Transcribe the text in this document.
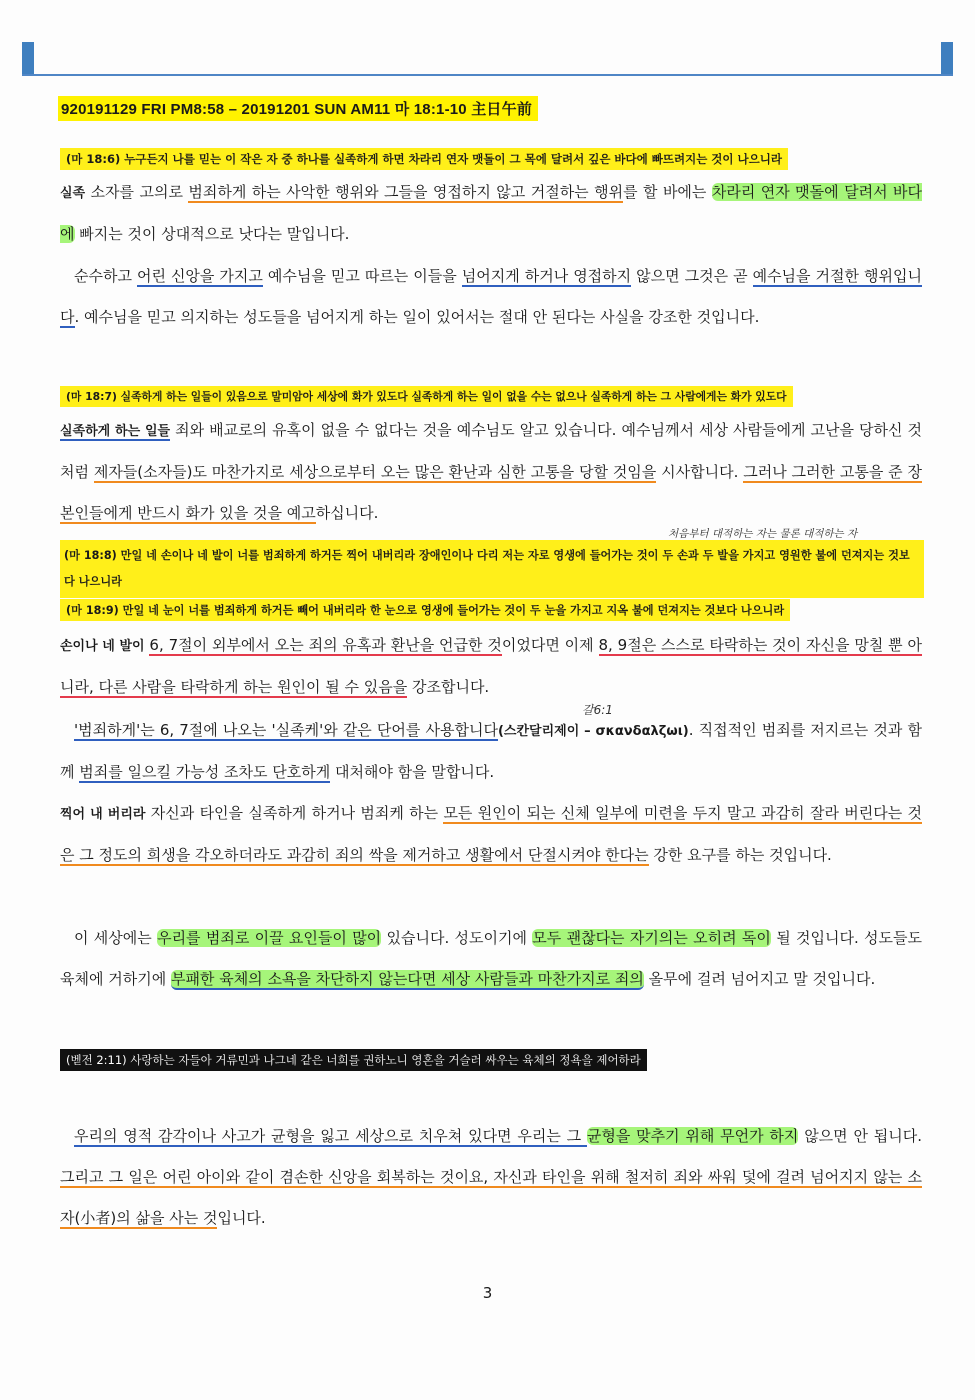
920191129 FRI PM8:58 – 20191201 SUN AM11 마 18:1-10 主日午前
(마 18:6) 누구든지 나를 믿는 이 작은 자 중 하나를 실족하게 하면 차라리 연자 맷돌이 그 목에 달려서 깊은 바다에 빠뜨려지는 것이 나으니라
실족 소자를 고의로 범죄하게 하는 사악한 행위와 그들을 영접하지 않고 거절하는 행위를 할 바에는 차라리 연자 맷돌에 달려서 바다에 빠지는 것이 상대적으로 낫다는 말입니다.
순수하고 어린 신앙을 가지고 예수님을 믿고 따르는 이들을 넘어지게 하거나 영접하지 않으면 그것은 곧 예수님을 거절한 행위입니다. 예수님을 믿고 의지하는 성도들을 넘어지게 하는 일이 있어서는 절대 안 된다는 사실을 강조한 것입니다.
(마 18:7) 실족하게 하는 일들이 있음으로 말미암아 세상에 화가 있도다 실족하게 하는 일이 없을 수는 없으나 실족하게 하는 그 사람에게는 화가 있도다
실족하게 하는 일들 죄와 배교로의 유혹이 없을 수 없다는 것을 예수님도 알고 있습니다. 예수님께서 세상 사람들에게 고난을 당하신 것처럼 제자들(소자들)도 마찬가지로 세상으로부터 오는 많은 환난과 심한 고통을 당할 것임을 시사합니다. 그러나 그러한 고통을 준 장본인들에게 반드시 화가 있을 것을 예고하십니다.
처음부터 대적하는 자는 물론 대적하는 자
(마 18:8) 만일 네 손이나 네 발이 너를 범죄하게 하거든 찍어 내버리라 장애인이나 다리 저는 자로 영생에 들어가는 것이 두 손과 두 발을 가지고 영원한 불에 던져지는 것보다 나으니라
(마 18:9) 만일 네 눈이 너를 범죄하게 하거든 빼어 내버리라 한 눈으로 영생에 들어가는 것이 두 눈을 가지고 지옥 불에 던져지는 것보다 나으니라
손이나 네 발이 6, 7절이 외부에서 오는 죄의 유혹과 환난을 언급한 것이었다면 이제 8, 9절은 스스로 타락하는 것이 자신을 망칠 뿐 아니라, 다른 사람을 타락하게 하는 원인이 될 수 있음을 강조합니다.
갈6:1
'범죄하게'는 6, 7절에 나오는 '실족케'와 같은 단어를 사용합니다(스칸달리제이 – σκανδαλζωι). 직접적인 범죄를 저지르는 것과 함께 범죄를 일으킬 가능성 조차도 단호하게 대처해야 함을 말합니다.
찍어 내 버리라 자신과 타인을 실족하게 하거나 범죄케 하는 모든 원인이 되는 신체 일부에 미련을 두지 말고 과감히 잘라 버린다는 것은 그 정도의 희생을 각오하더라도 과감히 죄의 싹을 제거하고 생활에서 단절시켜야 한다는 강한 요구를 하는 것입니다.
이 세상에는 우리를 범죄로 이끌 요인들이 많이 있습니다. 성도이기에 모두 괜찮다는 자기의는 오히려 독이 될 것입니다. 성도들도 육체에 거하기에 부패한 육체의 소욕을 차단하지 않는다면 세상 사람들과 마찬가지로 죄의 올무에 걸려 넘어지고 말 것입니다.
(벧전 2:11) 사랑하는 자들아 거류민과 나그네 같은 너희를 권하노니 영혼을 거슬러 싸우는 육체의 정욕을 제어하라
우리의 영적 감각이나 사고가 균형을 잃고 세상으로 치우쳐 있다면 우리는 그 균형을 맞추기 위해 무언가 하지 않으면 안 됩니다. 그리고 그 일은 어린 아이와 같이 겸손한 신앙을 회복하는 것이요, 자신과 타인을 위해 철저히 죄와 싸워 덫에 걸려 넘어지지 않는 소자(小者)의 삶을 사는 것입니다.
3
